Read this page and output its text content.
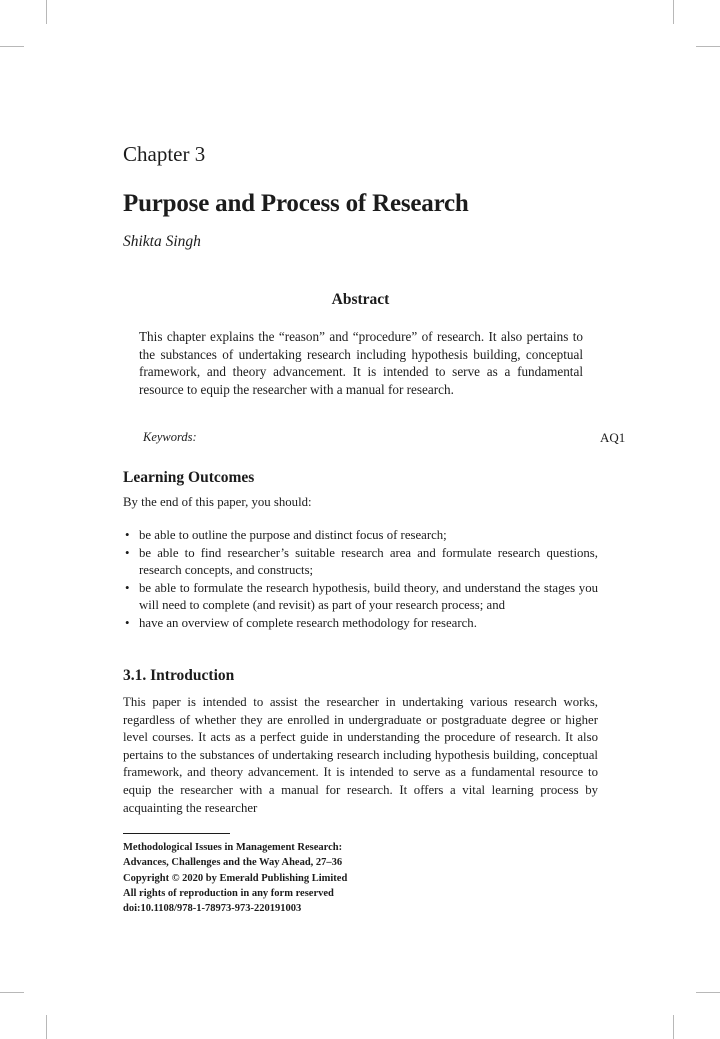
Chapter 3
Purpose and Process of Research
Shikta Singh
Abstract

This chapter explains the “reason” and “procedure” of research. It also pertains to the substances of undertaking research including hypothesis building, conceptual framework, and theory advancement. It is intended to serve as a fundamental resource to equip the researcher with a manual for research.

Keywords:	AQ1
Learning Outcomes
By the end of this paper, you should:
• be able to outline the purpose and distinct focus of research;
• be able to find researcher’s suitable research area and formulate research questions, research concepts, and constructs;
• be able to formulate the research hypothesis, build theory, and understand the stages you will need to complete (and revisit) as part of your research process; and
• have an overview of complete research methodology for research.
3.1. Introduction

This paper is intended to assist the researcher in undertaking various research works, regardless of whether they are enrolled in undergraduate or postgraduate degree or higher level courses. It acts as a perfect guide in understanding the procedure of research. It also pertains to the substances of undertaking research including hypothesis building, conceptual framework, and theory advancement. It is intended to serve as a fundamental resource to equip the researcher with a manual for research. It offers a vital learning process by acquainting the researcher

Methodological Issues in Management Research:
Advances, Challenges and the Way Ahead, 27–36
Copyright © 2020 by Emerald Publishing Limited
All rights of reproduction in any form reserved
doi:10.1108/978-1-78973-973-220191003
